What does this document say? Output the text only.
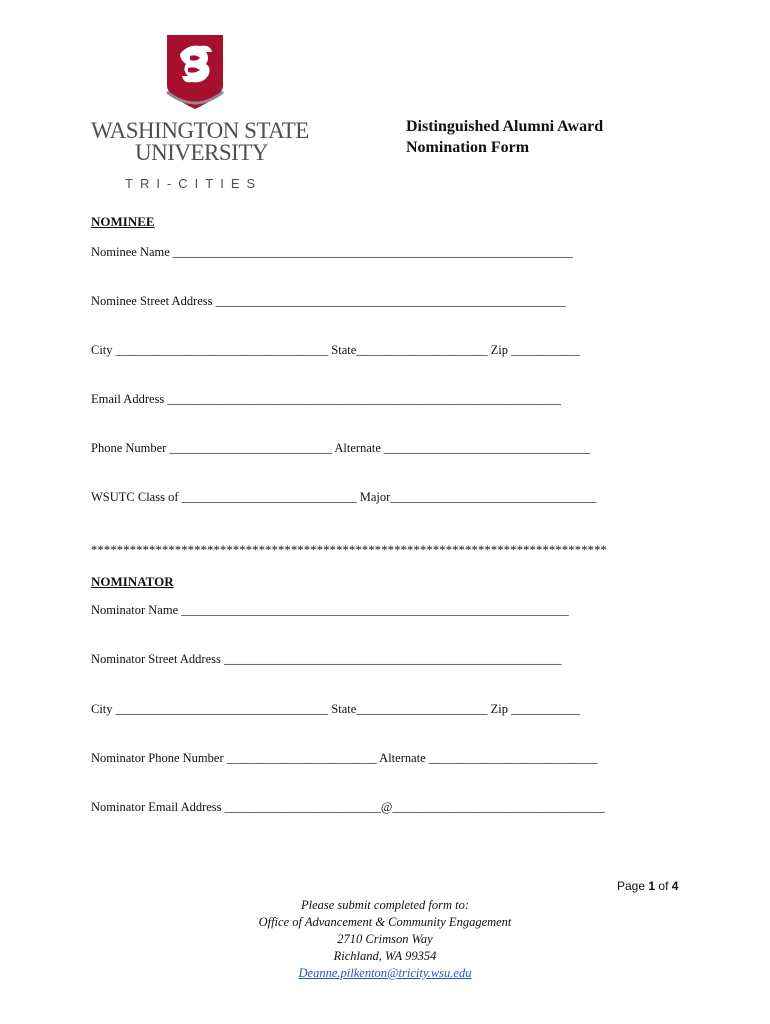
WASHINGTON STATE
UNIVERSITY
TRI-CITIES
Distinguished Alumni Award
Nomination Form
NOMINEE
Nominee Name ________________________________________________________________
Nominee Street Address ________________________________________________________
City __________________________________ State_____________________ Zip ___________
Email Address _______________________________________________________________
Phone Number __________________________ Alternate _________________________________
WSUTC Class of ____________________________ Major_________________________________
********************************************************************************
NOMINATOR
Nominator Name ______________________________________________________________
Nominator Street Address ______________________________________________________
City __________________________________ State_____________________ Zip ___________
Nominator Phone Number ________________________ Alternate ___________________________
Nominator Email Address _________________________@__________________________________
Page 1 of 4
Please submit completed form to:
Office of Advancement & Community Engagement
2710 Crimson Way
Richland, WA 99354
Deanne.pilkenton@tricity.wsu.edu
